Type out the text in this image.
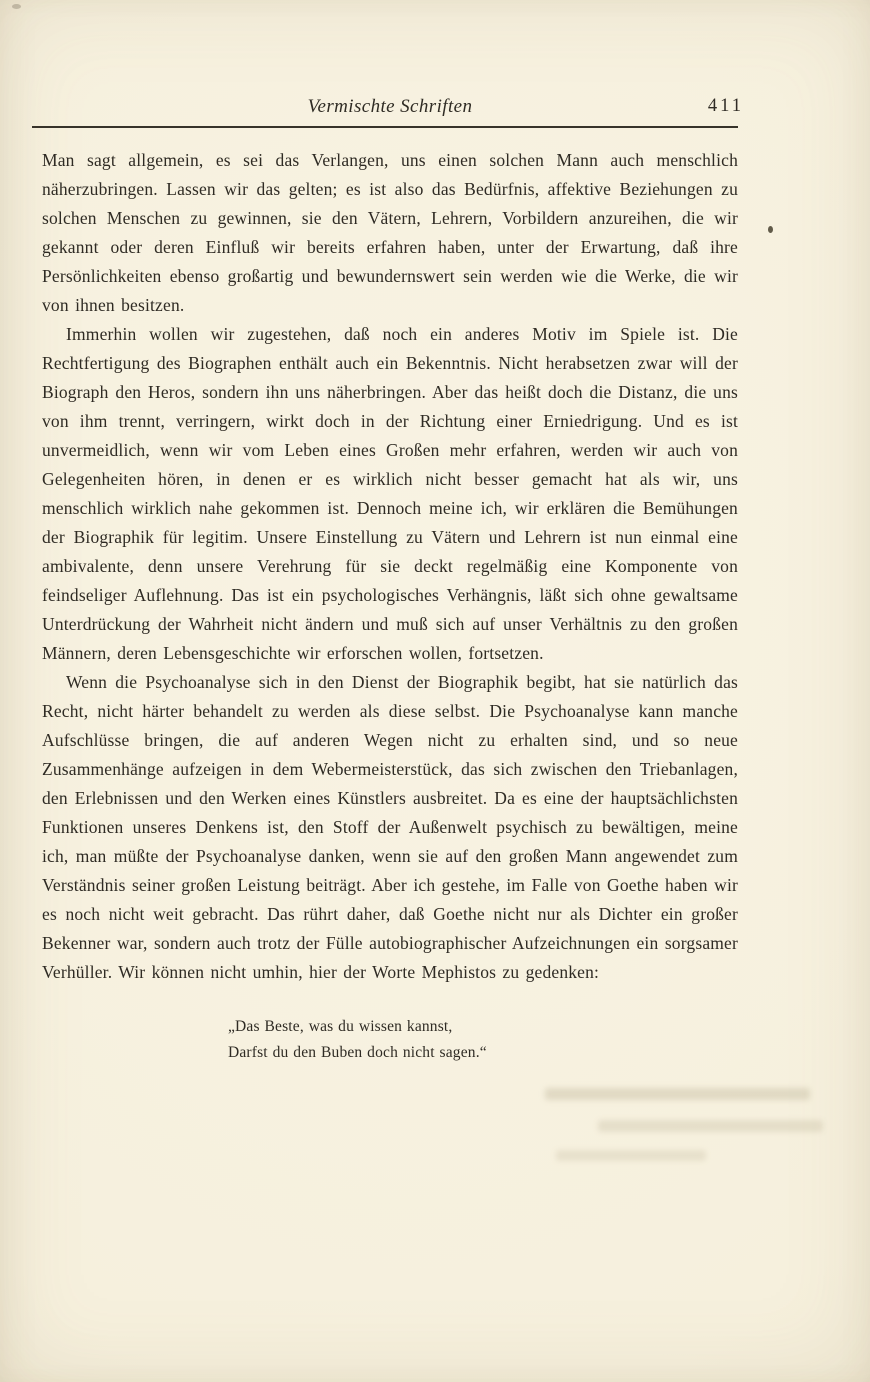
Vermischte Schriften	411

Man sagt allgemein, es sei das Verlangen, uns einen solchen Mann auch menschlich näherzubringen. Lassen wir das gelten; es ist also das Bedürfnis, affektive Beziehungen zu solchen Menschen zu gewinnen, sie den Vätern, Lehrern, Vorbildern anzureihen, die wir gekannt oder deren Einfluß wir bereits erfahren haben, unter der Erwartung, daß ihre Persönlichkeiten ebenso großartig und bewundernswert sein werden wie die Werke, die wir von ihnen besitzen.

Immerhin wollen wir zugestehen, daß noch ein anderes Motiv im Spiele ist. Die Rechtfertigung des Biographen enthält auch ein Bekenntnis. Nicht herabsetzen zwar will der Biograph den Heros, sondern ihn uns näherbringen. Aber das heißt doch die Distanz, die uns von ihm trennt, verringern, wirkt doch in der Richtung einer Erniedrigung. Und es ist unvermeidlich, wenn wir vom Leben eines Großen mehr erfahren, werden wir auch von Gelegenheiten hören, in denen er es wirklich nicht besser gemacht hat als wir, uns menschlich wirklich nahe gekommen ist. Dennoch meine ich, wir erklären die Bemühungen der Biographik für legitim. Unsere Einstellung zu Vätern und Lehrern ist nun einmal eine ambivalente, denn unsere Verehrung für sie deckt regelmäßig eine Komponente von feindseliger Auflehnung. Das ist ein psychologisches Verhängnis, läßt sich ohne gewaltsame Unterdrückung der Wahrheit nicht ändern und muß sich auf unser Verhältnis zu den großen Männern, deren Lebensgeschichte wir erforschen wollen, fortsetzen.

Wenn die Psychoanalyse sich in den Dienst der Biographik begibt, hat sie natürlich das Recht, nicht härter behandelt zu werden als diese selbst. Die Psychoanalyse kann manche Aufschlüsse bringen, die auf anderen Wegen nicht zu erhalten sind, und so neue Zusammenhänge aufzeigen in dem Webermeisterstück, das sich zwischen den Triebanlagen, den Erlebnissen und den Werken eines Künstlers ausbreitet. Da es eine der hauptsächlichsten Funktionen unseres Denkens ist, den Stoff der Außenwelt psychisch zu bewältigen, meine ich, man müßte der Psychoanalyse danken, wenn sie auf den großen Mann angewendet zum Verständnis seiner großen Leistung beiträgt. Aber ich gestehe, im Falle von Goethe haben wir es noch nicht weit gebracht. Das rührt daher, daß Goethe nicht nur als Dichter ein großer Bekenner war, sondern auch trotz der Fülle autobiographischer Aufzeichnungen ein sorgsamer Verhüller. Wir können nicht umhin, hier der Worte Mephistos zu gedenken:

„Das Beste, was du wissen kannst,
Darfst du den Buben doch nicht sagen.“
